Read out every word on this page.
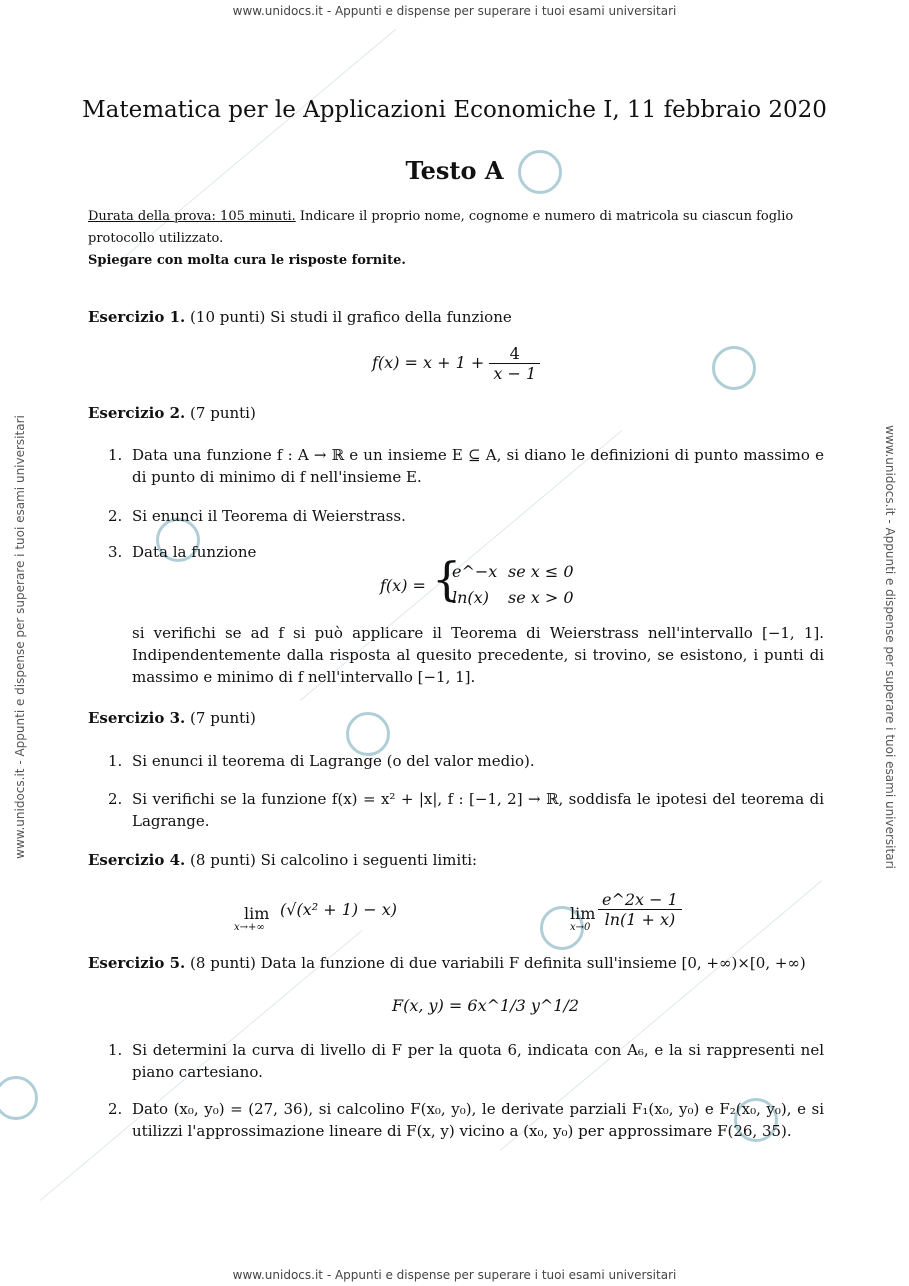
www.unidocs.it - Appunti e dispense per superare i tuoi esami universitari
www.unidocs.it - Appunti e dispense per superare i tuoi esami universitari
www.unidocs.it - Appunti e dispense per superare i tuoi esami universitari	www.unidocs.it - Appunti e dispense per superare i tuoi esami universitari
Matematica per le Applicazioni Economiche I, 11 febbraio 2020
Testo A
Durata della prova: 105 minuti. Indicare il proprio nome, cognome e numero di matricola su ciascun foglio protocollo utilizzato.
Spiegare con molta cura le risposte fornite.
Esercizio 1. (10 punti) Si studi il grafico della funzione
$f(x) = x + 1 + \frac{4}{x - 1}$
Esercizio 2. (7 punti)
1. Data una funzione f : A → ℝ e un insieme E ⊆ A, si diano le definizioni di punto massimo e di punto di minimo di f nell'insieme E.
2. Si enunci il Teorema di Weierstrass.
3. Data la funzione
f(x) = {
e^−x se x ≤ 0
ln(x) se x > 0
si verifichi se ad f si può applicare il Teorema di Weierstrass nell'intervallo [−1, 1]. Indipendentemente dalla risposta al quesito precedente, si trovino, se esistono, i punti di massimo e minimo di f nell'intervallo [−1, 1].
Esercizio 3. (7 punti)
1. Si enunci il teorema di Lagrange (o del valor medio).
2. Si verifichi se la funzione f(x) = x² + |x|, f : [−1, 2] → ℝ, soddisfa le ipotesi del teorema di Lagrange.
Esercizio 4. (8 punti) Si calcolino i seguenti limiti:
lim
x→+∞
(√(x² + 1) − x)	lim
$x\to 0 \frac{e\^{}2x - 1}{\ln(1 + x)}$
Esercizio 5. (8 punti) Data la funzione di due variabili F definita sull'insieme [0, +∞)×[0, +∞)
F(x, y) = 6x^1/3 y^1/2
1. Si determini la curva di livello di F per la quota 6, indicata con A₆, e la si rappresenti nel piano cartesiano.
2. Dato (x₀, y₀) = (27, 36), si calcolino F(x₀, y₀), le derivate parziali F₁(x₀, y₀) e F₂(x₀, y₀), e si utilizzi l'approssimazione lineare di F(x, y) vicino a (x₀, y₀) per approssimare F(26, 35).
